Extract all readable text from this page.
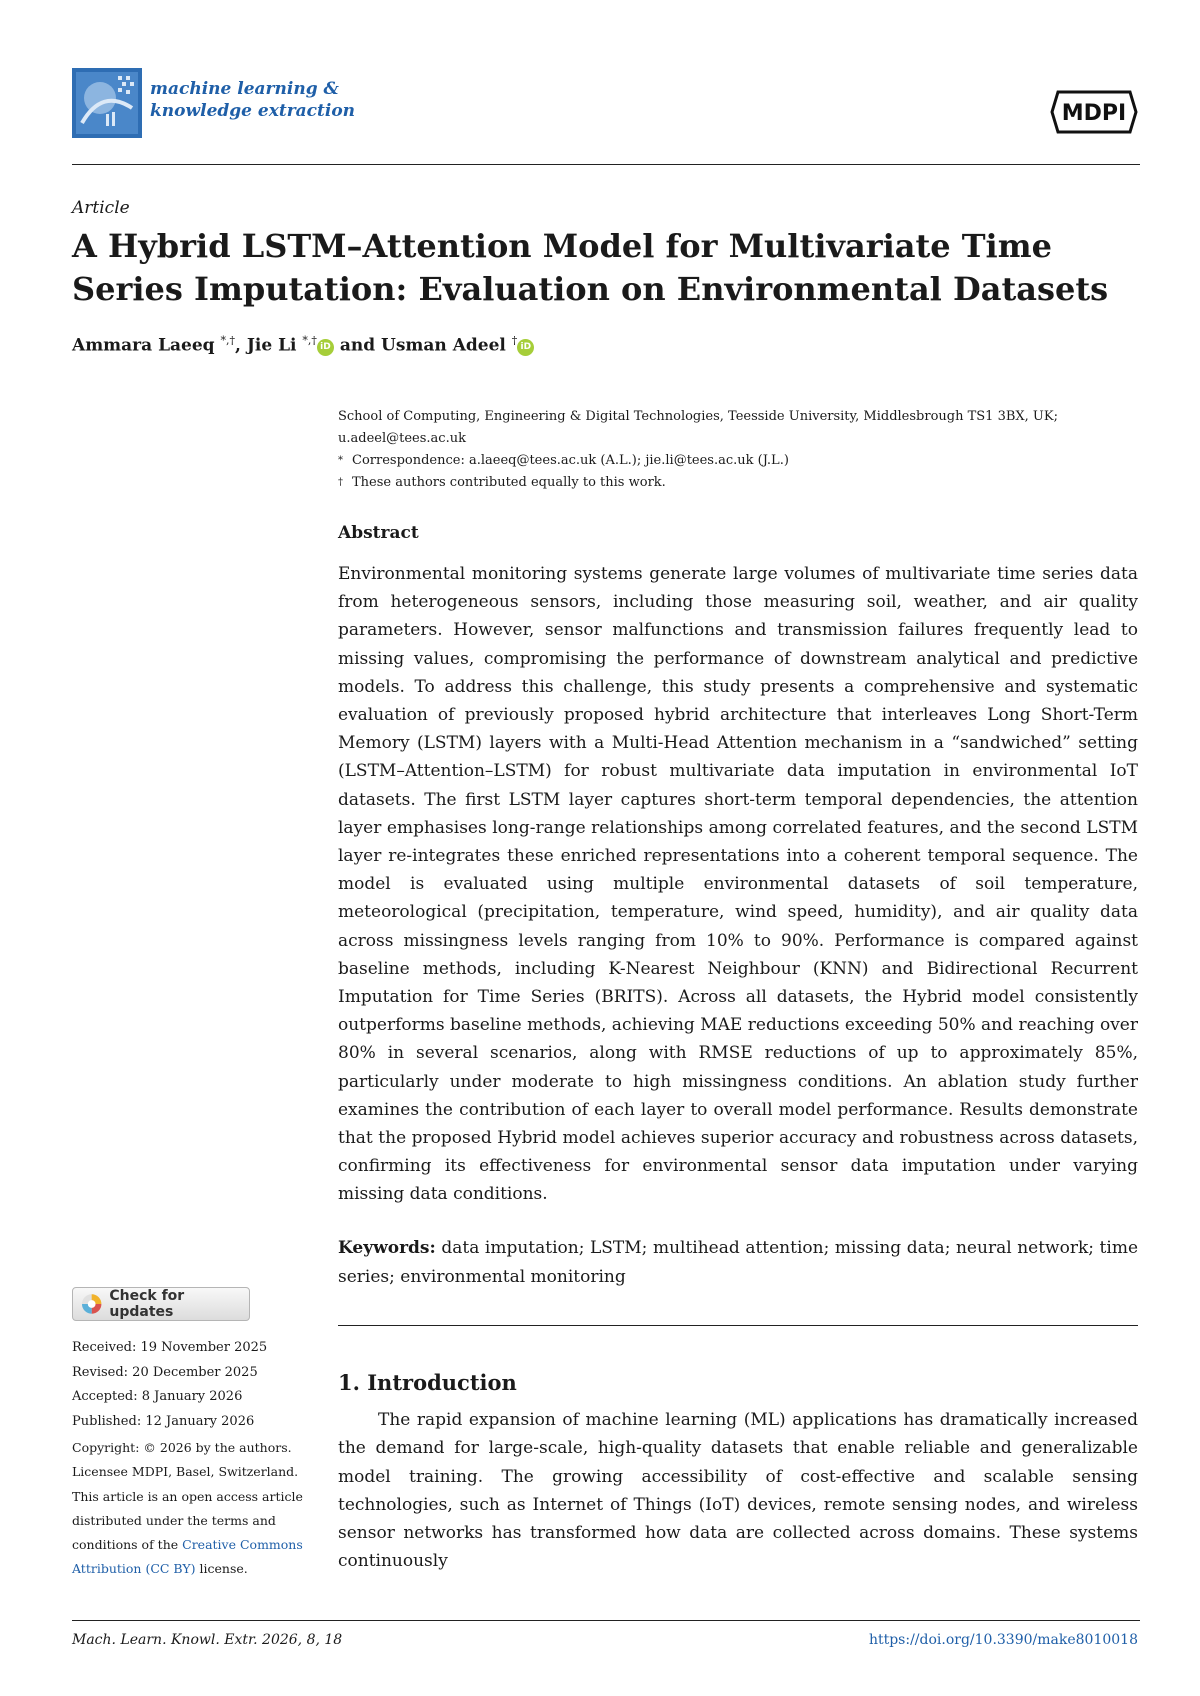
machine learning &
knowledge extraction	MDPI
Article
A Hybrid LSTM–Attention Model for Multivariate Time Series Imputation: Evaluation on Environmental Datasets
Ammara Laeeq *,†, Jie Li *,† iD and Usman Adeel † iD
School of Computing, Engineering & Digital Technologies, Teesside University, Middlesbrough TS1 3BX, UK;
u.adeel@tees.ac.uk
* Correspondence: a.laeeq@tees.ac.uk (A.L.); jie.li@tees.ac.uk (J.L.)
† These authors contributed equally to this work.
Abstract
Environmental monitoring systems generate large volumes of multivariate time series data from heterogeneous sensors, including those measuring soil, weather, and air quality parameters. However, sensor malfunctions and transmission failures frequently lead to missing values, compromising the performance of downstream analytical and predictive models. To address this challenge, this study presents a comprehensive and systematic evaluation of previously proposed hybrid architecture that interleaves Long Short-Term Memory (LSTM) layers with a Multi-Head Attention mechanism in a “sandwiched” setting (LSTM–Attention–LSTM) for robust multivariate data imputation in environmental IoT datasets. The first LSTM layer captures short-term temporal dependencies, the attention layer emphasises long-range relationships among correlated features, and the second LSTM layer re-integrates these enriched representations into a coherent temporal sequence. The model is evaluated using multiple environmental datasets of soil temperature, meteorological (precipitation, temperature, wind speed, humidity), and air quality data across missingness levels ranging from 10% to 90%. Performance is compared against baseline methods, including K-Nearest Neighbour (KNN) and Bidirectional Recurrent Imputation for Time Series (BRITS). Across all datasets, the Hybrid model consistently outperforms baseline methods, achieving MAE reductions exceeding 50% and reaching over 80% in several scenarios, along with RMSE reductions of up to approximately 85%, particularly under moderate to high missingness conditions. An ablation study further examines the contribution of each layer to overall model performance. Results demonstrate that the proposed Hybrid model achieves superior accuracy and robustness across datasets, confirming its effectiveness for environmental sensor data imputation under varying missing data conditions.
Keywords: data imputation; LSTM; multihead attention; missing data; neural network; time series; environmental monitoring
1. Introduction
The rapid expansion of machine learning (ML) applications has dramatically increased the demand for large-scale, high-quality datasets that enable reliable and generalizable model training. The growing accessibility of cost-effective and scalable sensing technologies, such as Internet of Things (IoT) devices, remote sensing nodes, and wireless sensor networks has transformed how data are collected across domains. These systems continuously
Check for updates
Received: 19 November 2025
Revised: 20 December 2025
Accepted: 8 January 2026
Published: 12 January 2026
Copyright: © 2026 by the authors.
Licensee MDPI, Basel, Switzerland.
This article is an open access article
distributed under the terms and
conditions of the Creative Commons
Attribution (CC BY) license.
Mach. Learn. Knowl. Extr. 2026, 8, 18	https://doi.org/10.3390/make8010018
